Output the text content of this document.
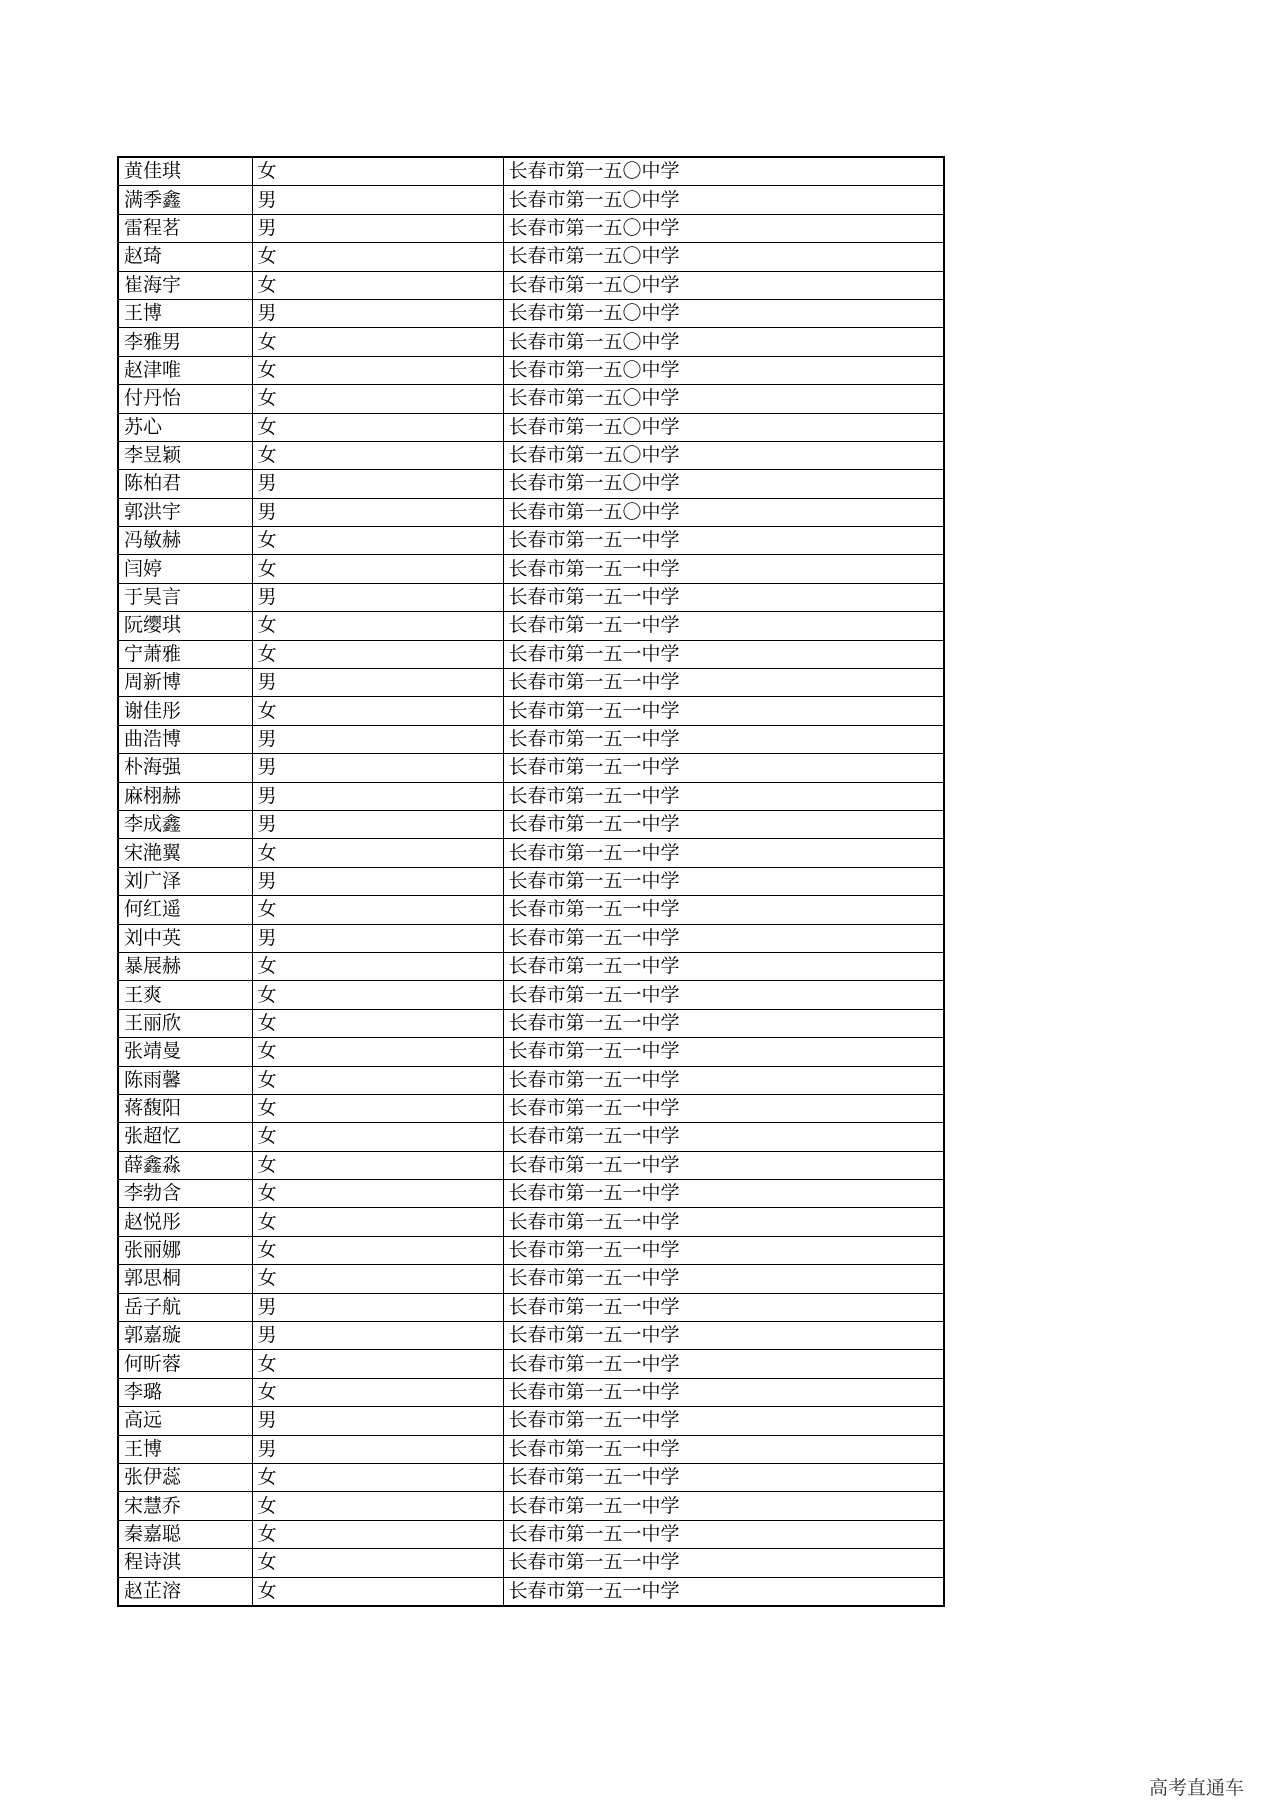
黄佳琪	女	长春市第一五〇中学
满季鑫	男	长春市第一五〇中学
雷程茗	男	长春市第一五〇中学
赵琦	女	长春市第一五〇中学
崔海宇	女	长春市第一五〇中学
王博	男	长春市第一五〇中学
李雅男	女	长春市第一五〇中学
赵津唯	女	长春市第一五〇中学
付丹怡	女	长春市第一五〇中学
苏心	女	长春市第一五〇中学
李昱颖	女	长春市第一五〇中学
陈柏君	男	长春市第一五〇中学
郭洪宇	男	长春市第一五〇中学
冯敏赫	女	长春市第一五一中学
闫婷	女	长春市第一五一中学
于昊言	男	长春市第一五一中学
阮缨琪	女	长春市第一五一中学
宁萧雅	女	长春市第一五一中学
周新博	男	长春市第一五一中学
谢佳彤	女	长春市第一五一中学
曲浩博	男	长春市第一五一中学
朴海强	男	长春市第一五一中学
麻栩赫	男	长春市第一五一中学
李成鑫	男	长春市第一五一中学
宋滟翼	女	长春市第一五一中学
刘广泽	男	长春市第一五一中学
何红遥	女	长春市第一五一中学
刘中英	男	长春市第一五一中学
暴展赫	女	长春市第一五一中学
王爽	女	长春市第一五一中学
王丽欣	女	长春市第一五一中学
张靖曼	女	长春市第一五一中学
陈雨馨	女	长春市第一五一中学
蒋馥阳	女	长春市第一五一中学
张超忆	女	长春市第一五一中学
薛鑫淼	女	长春市第一五一中学
李勃含	女	长春市第一五一中学
赵悦彤	女	长春市第一五一中学
张丽娜	女	长春市第一五一中学
郭思桐	女	长春市第一五一中学
岳子航	男	长春市第一五一中学
郭嘉璇	男	长春市第一五一中学
何昕蓉	女	长春市第一五一中学
李璐	女	长春市第一五一中学
高远	男	长春市第一五一中学
王博	男	长春市第一五一中学
张伊蕊	女	长春市第一五一中学
宋慧乔	女	长春市第一五一中学
秦嘉聪	女	长春市第一五一中学
程诗淇	女	长春市第一五一中学
赵芷溶	女	长春市第一五一中学
高考直通车
